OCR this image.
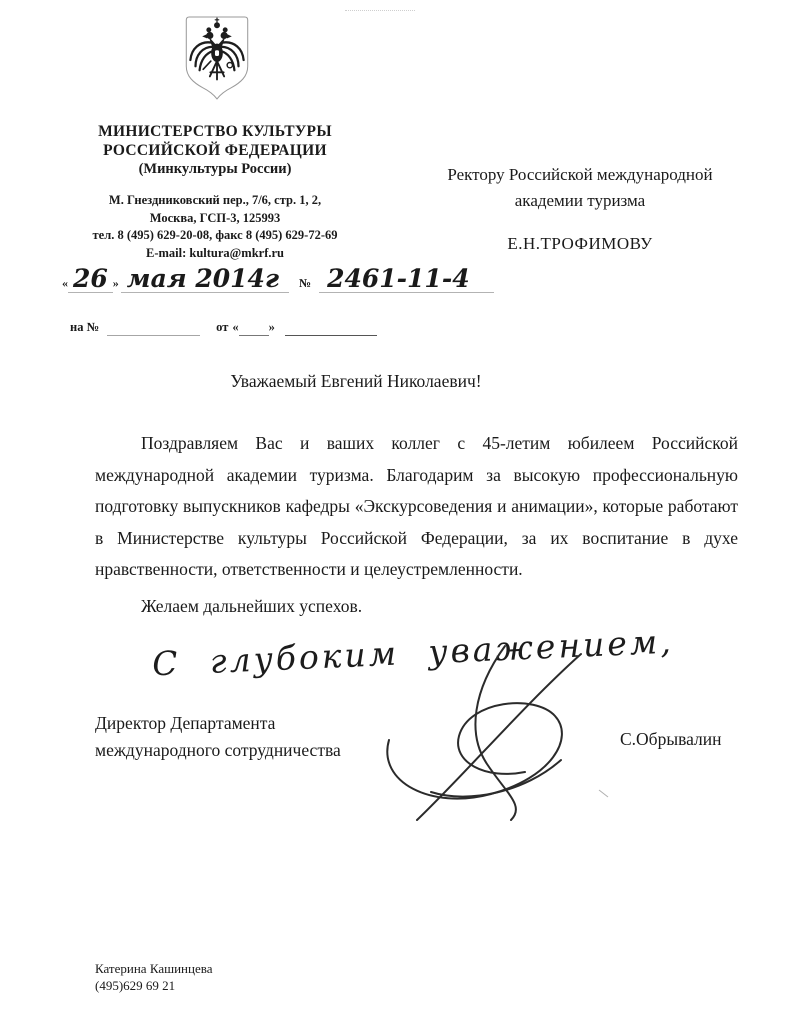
МИНИСТЕРСТВО КУЛЬТУРЫ
РОССИЙСКОЙ ФЕДЕРАЦИИ
(Минкультуры России)
М. Гнездниковский пер., 7/6, стр. 1, 2,
Москва, ГСП-3, 125993
тел. 8 (495) 629-20-08, факс 8 (495) 629-72-69
E-mail: kultura@mkrf.ru
Ректору Российской международной
академии туризма
Е.Н.ТРОФИМОВУ
« 26 » мая 2014г	№ 2461-11-4
на №	от « »
Уважаемый Евгений Николаевич!

Поздравляем Вас и ваших коллег с 45-летим юбилеем Российской международной академии туризма. Благодарим за высокую профессиональную подготовку выпускников кафедры «Экскурсоведения и анимации», которые работают в Министерстве культуры Российской Федерации, за их воспитание в духе нравственности, ответственности и целеустремленности.

Желаем дальнейших успехов.

С глубоким уважением,
Директор Департамента
международного сотрудничества
С.Обрывалин
Катерина Кашинцева
(495)629 69 21
